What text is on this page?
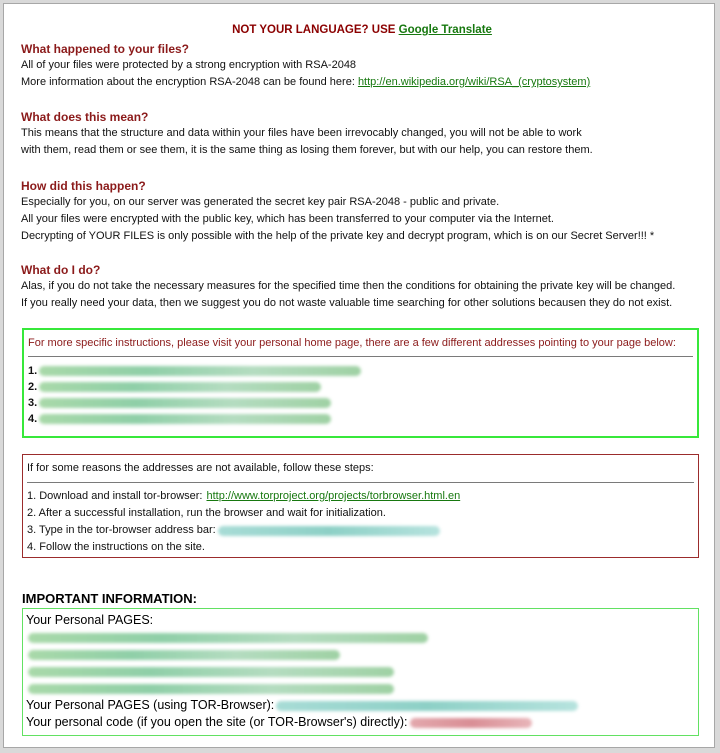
NOT YOUR LANGUAGE? USE Google Translate
What happened to your files?

All of your files were protected by a strong encryption with RSA-2048

More information about the encryption RSA-2048 can be found here: http://en.wikipedia.org/wiki/RSA_(cryptosystem)

What does this mean?

This means that the structure and data within your files have been irrevocably changed, you will not be able to work

with them, read them or see them, it is the same thing as losing them forever, but with our help, you can restore them.

How did this happen?

Especially for you, on our server was generated the secret key pair RSA-2048 - public and private.

All your files were encrypted with the public key, which has been transferred to your computer via the Internet.

Decrypting of YOUR FILES is only possible with the help of the private key and decrypt program, which is on our Secret Server!!! *

What do I do?

Alas, if you do not take the necessary measures for the specified time then the conditions for obtaining the private key will be changed.

If you really need your data, then we suggest you do not waste valuable time searching for other solutions becausen they do not exist.

For more specific instructions, please visit your personal home page, there are a few different addresses pointing to your page below:
1.
2.
3.
4.
If for some reasons the addresses are not available, follow these steps:
1. Download and install tor-browser: http://www.torproject.org/projects/torbrowser.html.en
2. After a successful installation, run the browser and wait for initialization.
3. Type in the tor-browser address bar:
4. Follow the instructions on the site.
IMPORTANT INFORMATION:
Your Personal PAGES:
Your Personal PAGES (using TOR-Browser):
Your personal code (if you open the site (or TOR-Browser's) directly):
